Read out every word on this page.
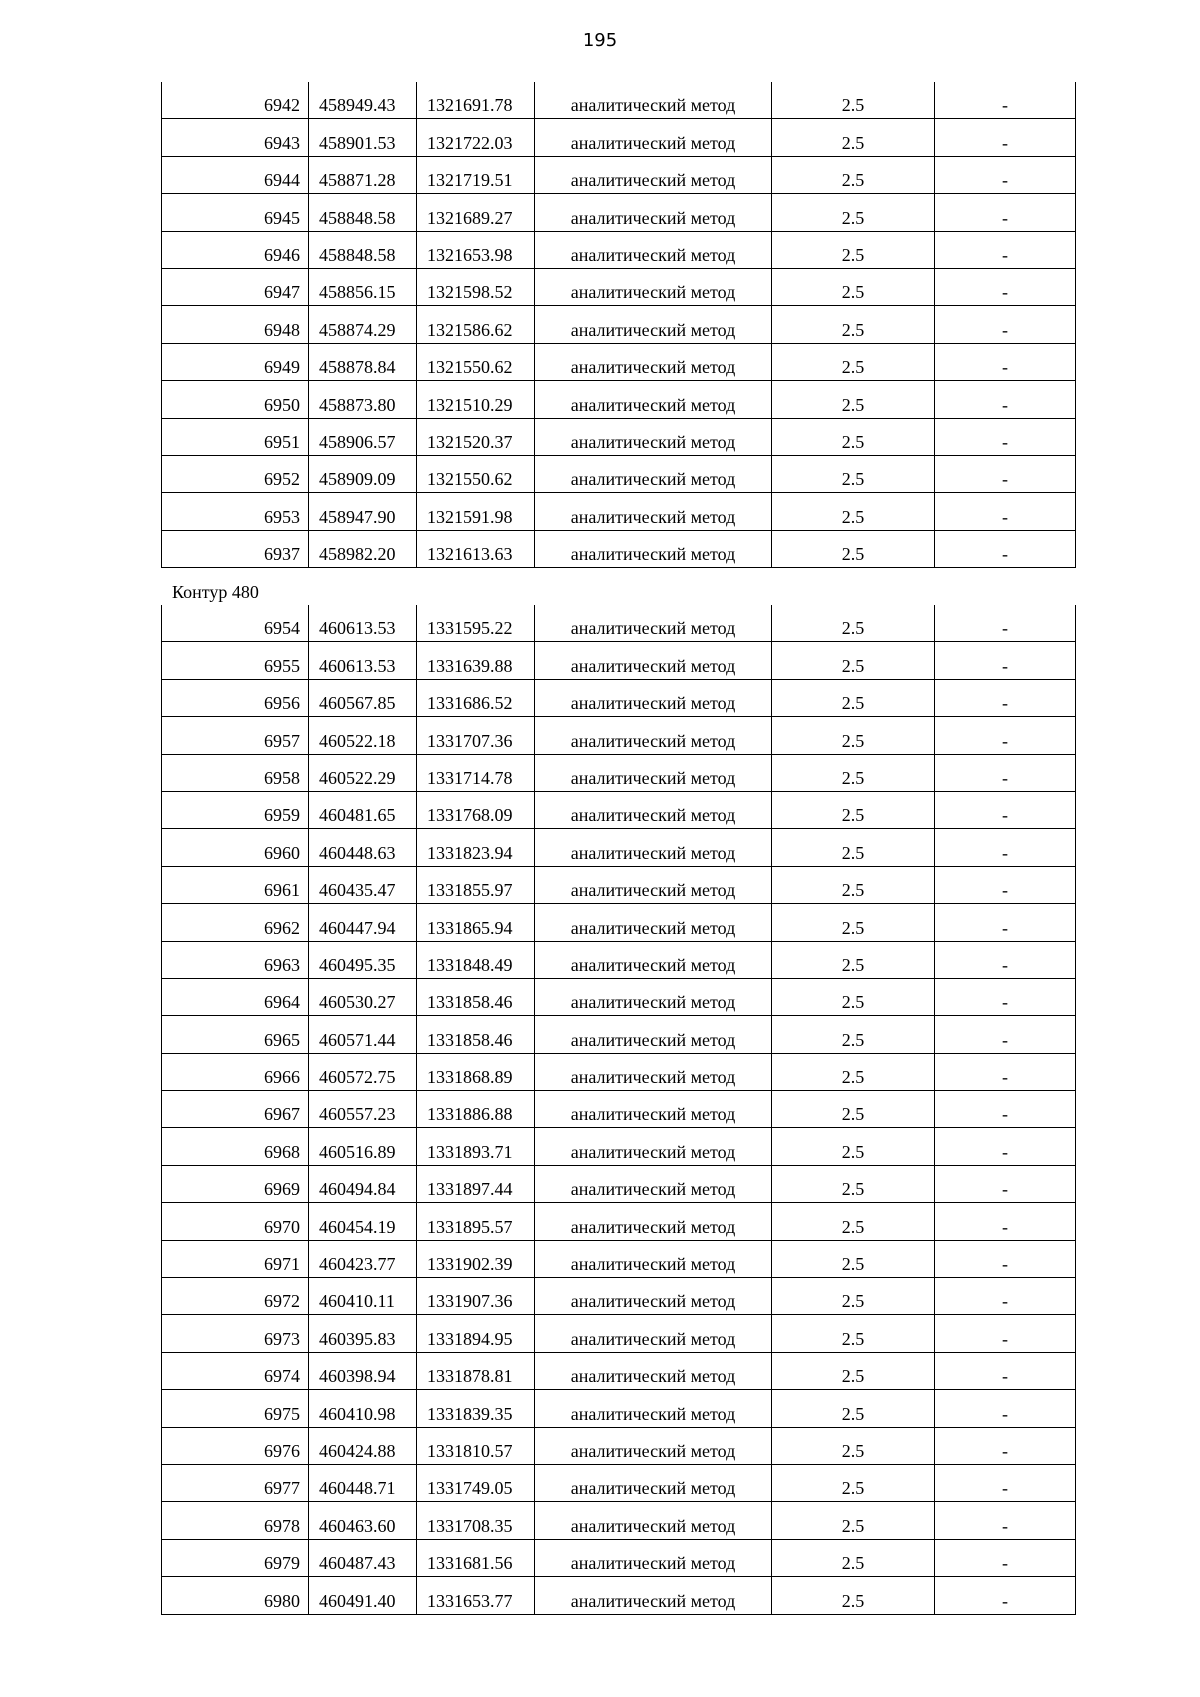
195
6942	458949.43	1321691.78	аналитический метод	2.5	-
6943	458901.53	1321722.03	аналитический метод	2.5	-
6944	458871.28	1321719.51	аналитический метод	2.5	-
6945	458848.58	1321689.27	аналитический метод	2.5	-
6946	458848.58	1321653.98	аналитический метод	2.5	-
6947	458856.15	1321598.52	аналитический метод	2.5	-
6948	458874.29	1321586.62	аналитический метод	2.5	-
6949	458878.84	1321550.62	аналитический метод	2.5	-
6950	458873.80	1321510.29	аналитический метод	2.5	-
6951	458906.57	1321520.37	аналитический метод	2.5	-
6952	458909.09	1321550.62	аналитический метод	2.5	-
6953	458947.90	1321591.98	аналитический метод	2.5	-
6937	458982.20	1321613.63	аналитический метод	2.5	-
Контур 480
6954	460613.53	1331595.22	аналитический метод	2.5	-
6955	460613.53	1331639.88	аналитический метод	2.5	-
6956	460567.85	1331686.52	аналитический метод	2.5	-
6957	460522.18	1331707.36	аналитический метод	2.5	-
6958	460522.29	1331714.78	аналитический метод	2.5	-
6959	460481.65	1331768.09	аналитический метод	2.5	-
6960	460448.63	1331823.94	аналитический метод	2.5	-
6961	460435.47	1331855.97	аналитический метод	2.5	-
6962	460447.94	1331865.94	аналитический метод	2.5	-
6963	460495.35	1331848.49	аналитический метод	2.5	-
6964	460530.27	1331858.46	аналитический метод	2.5	-
6965	460571.44	1331858.46	аналитический метод	2.5	-
6966	460572.75	1331868.89	аналитический метод	2.5	-
6967	460557.23	1331886.88	аналитический метод	2.5	-
6968	460516.89	1331893.71	аналитический метод	2.5	-
6969	460494.84	1331897.44	аналитический метод	2.5	-
6970	460454.19	1331895.57	аналитический метод	2.5	-
6971	460423.77	1331902.39	аналитический метод	2.5	-
6972	460410.11	1331907.36	аналитический метод	2.5	-
6973	460395.83	1331894.95	аналитический метод	2.5	-
6974	460398.94	1331878.81	аналитический метод	2.5	-
6975	460410.98	1331839.35	аналитический метод	2.5	-
6976	460424.88	1331810.57	аналитический метод	2.5	-
6977	460448.71	1331749.05	аналитический метод	2.5	-
6978	460463.60	1331708.35	аналитический метод	2.5	-
6979	460487.43	1331681.56	аналитический метод	2.5	-
6980	460491.40	1331653.77	аналитический метод	2.5	-
